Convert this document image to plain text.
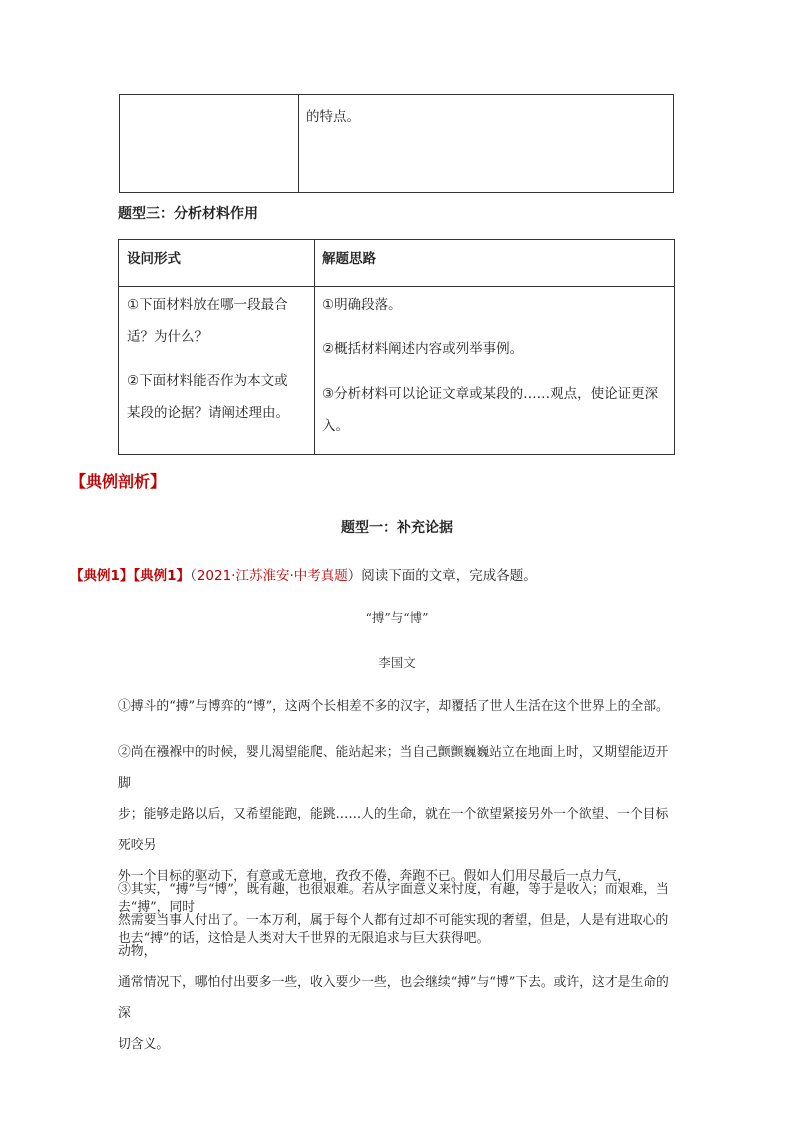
的特点。
题型三：分析材料作用
设问形式	解题思路
①下面材料放在哪一段最合
适？为什么？
②下面材料能否作为本文或
某段的论据？请阐述理由。
①明确段落。
②概括材料阐述内容或列举事例。
③分析材料可以论证文章或某段的……观点，使论证更深
入。
【典例剖析】
题型一：补充论据
【典例1】【典例1】（2021·江苏淮安·中考真题）阅读下面的文章，完成各题。
“搏”与“博”
李国文
①搏斗的“搏”与博弈的“博”，这两个长相差不多的汉字，却覆括了世人生活在这个世界上的全部。
②尚在襁褓中的时候，婴儿渴望能爬、能站起来；当自己颤颤巍巍站立在地面上时，又期望能迈开脚
步；能够走路以后，又希望能跑，能跳……人的生命，就在一个欲望紧接另外一个欲望、一个目标死咬另
外一个目标的驱动下，有意或无意地，孜孜不倦，奔跑不已。假如人们用尽最后一点力气，去“搏”，同时
也去“搏”的话，这恰是人类对大千世界的无限追求与巨大获得吧。
③其实，“搏”与“博”，既有趣，也很艰难。若从字面意义来忖度，有趣，等于是收入；而艰难，当
然需要当事人付出了。一本万利，属于每个人都有过却不可能实现的奢望，但是，人是有进取心的动物，
通常情况下，哪怕付出要多一些，收入要少一些，也会继续“搏”与“博”下去。或许，这才是生命的深
切含义。
